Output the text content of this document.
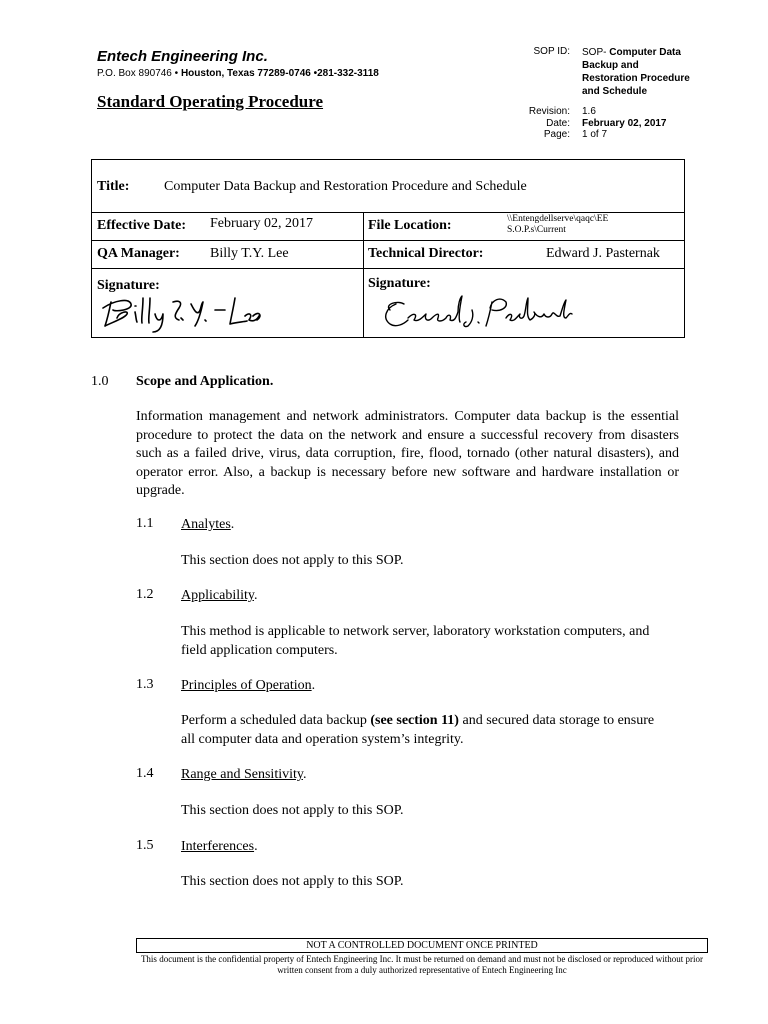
Entech Engineering Inc.
P.O. Box 890746 • Houston, Texas 77289-0746 •281-332-3118
Standard Operating Procedure
SOP ID: SOP- Computer Data Backup and Restoration Procedure and Schedule
Revision: 1.6
Date: February 02, 2017
Page: 1 of 7
Title: Computer Data Backup and Restoration Procedure and Schedule
Effective Date: February 02, 2017	File Location:	\\Entengdellserve\qaqc\EE
S.O.P.s\Current
QA Manager: Billy T.Y. Lee	Technical Director:	Edward J. Pasternak
Signature:	Signature:
1.0 Scope and Application.
Information management and network administrators. Computer data backup is the essential procedure to protect the data on the network and ensure a successful recovery from disasters such as a failed drive, virus, data corruption, fire, flood, tornado (other natural disasters), and operator error. Also, a backup is necessary before new software and hardware installation or upgrade.
1.1 Analytes.
This section does not apply to this SOP.
1.2 Applicability.
This method is applicable to network server, laboratory workstation computers, and field application computers.
1.3 Principles of Operation.
Perform a scheduled data backup (see section 11) and secured data storage to ensure all computer data and operation system’s integrity.
1.4 Range and Sensitivity.
This section does not apply to this SOP.
1.5 Interferences.
This section does not apply to this SOP.
NOT A CONTROLLED DOCUMENT ONCE PRINTED
This document is the confidential property of Entech Engineering Inc. It must be returned on demand and must not be disclosed or reproduced without prior written consent from a duly authorized representative of Entech Engineering Inc
